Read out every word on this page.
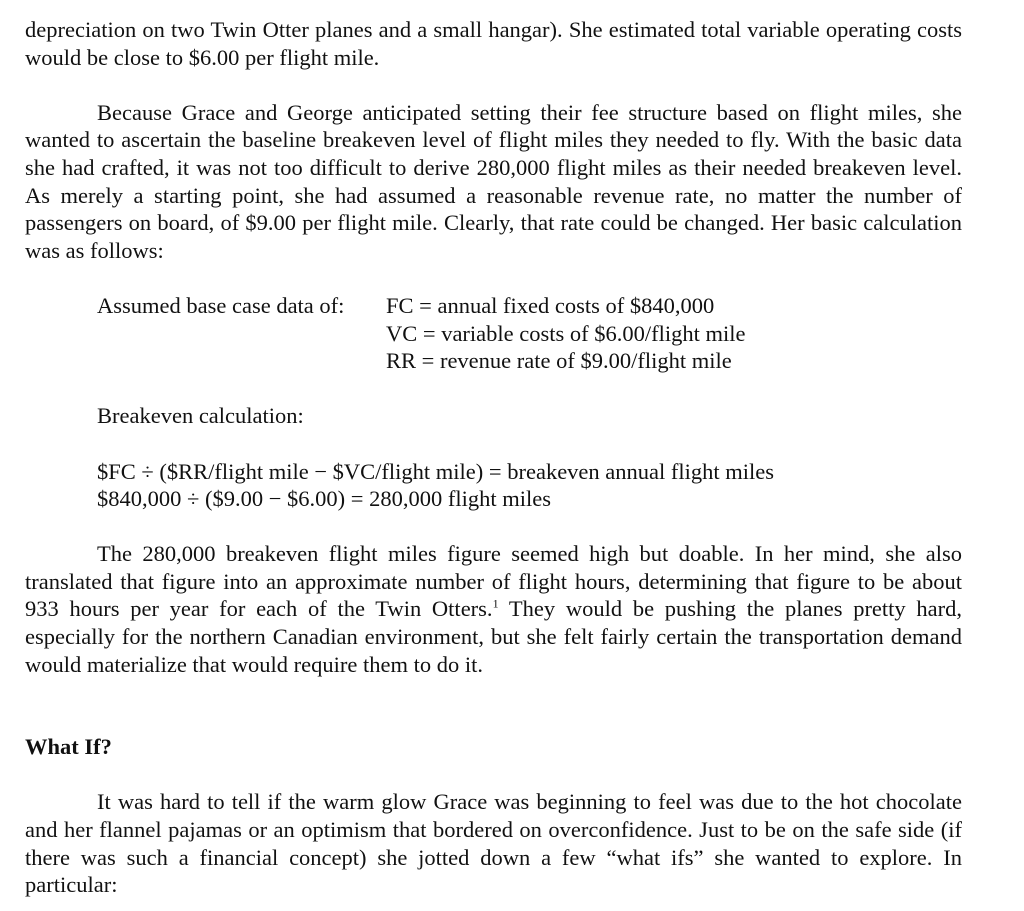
depreciation on two Twin Otter planes and a small hangar). She estimated total variable operating costs would be close to $6.00 per flight mile.

Because Grace and George anticipated setting their fee structure based on flight miles, she wanted to ascertain the baseline breakeven level of flight miles they needed to fly. With the basic data she had crafted, it was not too difficult to derive 280,000 flight miles as their needed breakeven level. As merely a starting point, she had assumed a reasonable revenue rate, no matter the number of passengers on board, of $9.00 per flight mile. Clearly, that rate could be changed. Her basic calculation was as follows:

Assumed base case data of:	FC = annual fixed costs of $840,000
VC = variable costs of $6.00/flight mile
RR = revenue rate of $9.00/flight mile
Breakeven calculation:
$FC ÷ ($RR/flight mile − $VC/flight mile) = breakeven annual flight miles
$840,000 ÷ ($9.00 − $6.00) = 280,000 flight miles

The 280,000 breakeven flight miles figure seemed high but doable. In her mind, she also translated that figure into an approximate number of flight hours, determining that figure to be about 933 hours per year for each of the Twin Otters.$^1$ They would be pushing the planes pretty hard, especially for the northern Canadian environment, but she felt fairly certain the transportation demand would materialize that would require them to do it.

What If?

It was hard to tell if the warm glow Grace was beginning to feel was due to the hot chocolate and her flannel pajamas or an optimism that bordered on overconfidence. Just to be on the safe side (if there was such a financial concept) she jotted down a few “what ifs” she wanted to explore. In particular:
